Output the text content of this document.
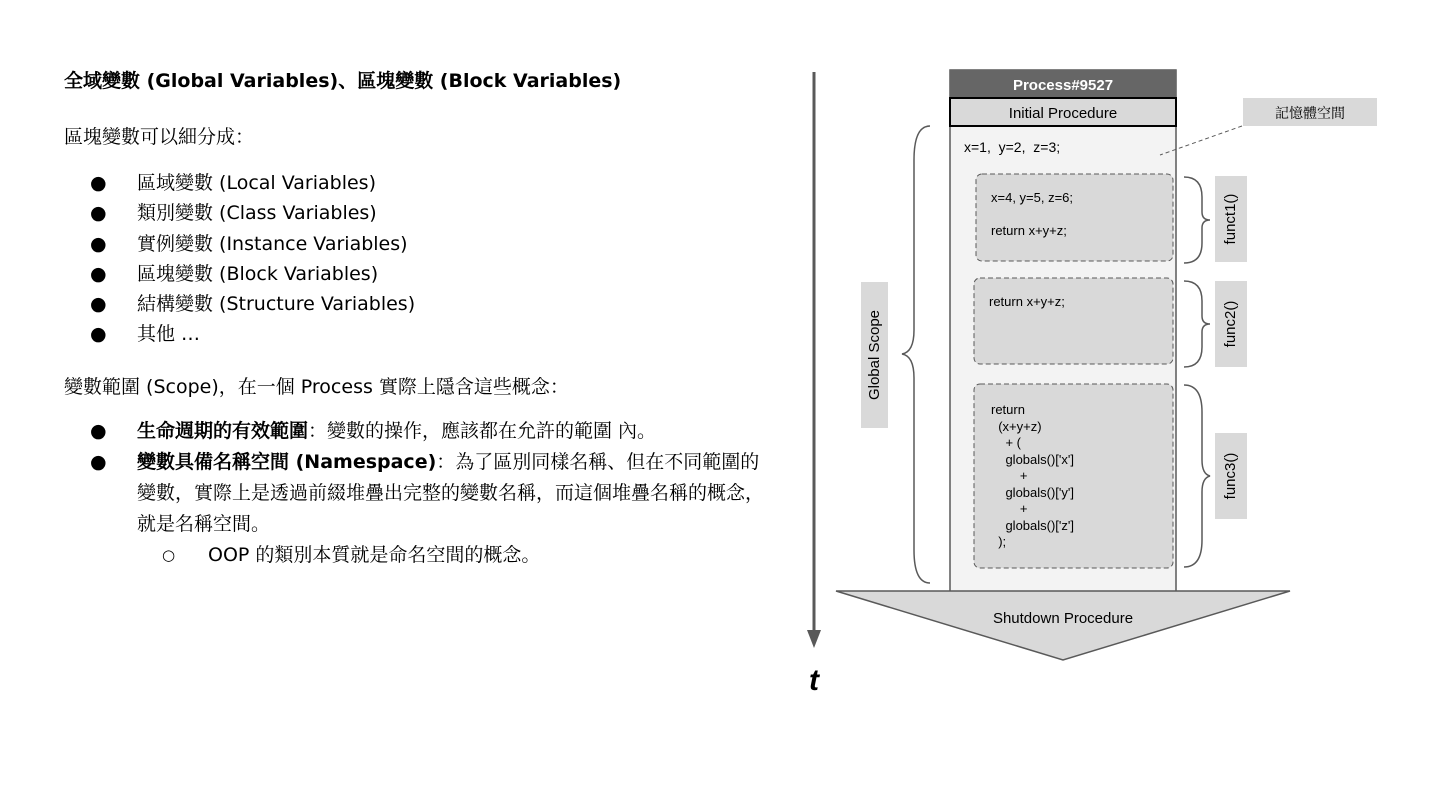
全域變數 (Global Variables)、區塊變數 (Block Variables)
區塊變數可以細分成：
● 區域變數 (Local Variables)
● 類別變數 (Class Variables)
● 實例變數 (Instance Variables)
● 區塊變數 (Block Variables)
● 結構變數 (Structure Variables)
● 其他 …
變數範圍 (Scope)，在一個 Process 實際上隱含這些概念：
● 生命週期的有效範圍：變數的操作，應該都在允許的範圍 內。
● 變數具備名稱空間 (Namespace)：為了區別同樣名稱、但在不同範圍的變數，實際上是透過前綴堆疊出完整的變數名稱，而這個堆疊名稱的概念，就是名稱空間。
○ OOP 的類別本質就是命名空間的概念。
t
Process#9527
Initial Procedure	記憶體空間
x=1,  y=2,  z=3;
x=4, y=5, z=6; return x+y+z;	funct1()
return x+y+z;	func2()
return   (x+y+z)     + (     globals()['x']         +     globals()['y']         +     globals()['z']   );
func3()
Global Scope
Shutdown Procedure
